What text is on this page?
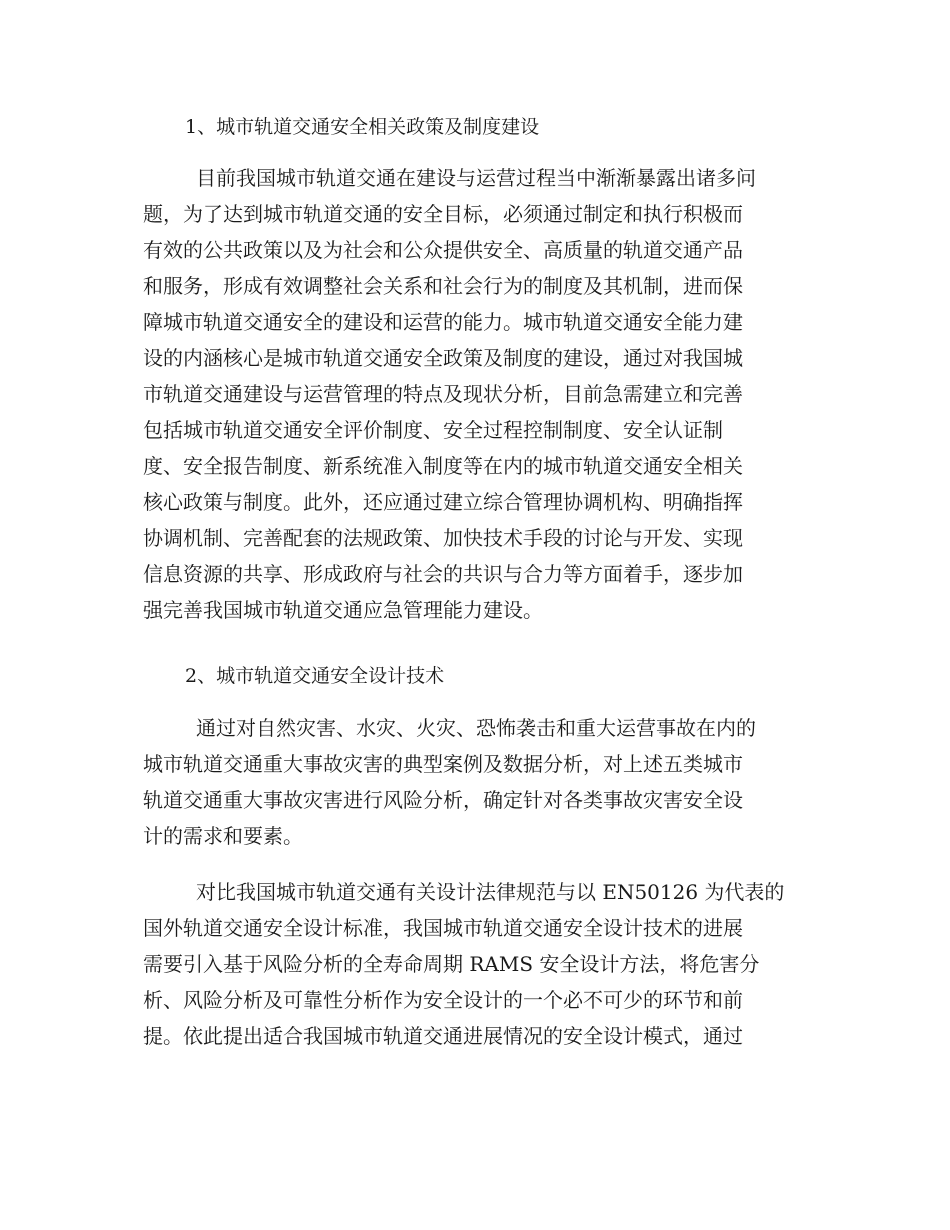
1、城市轨道交通安全相关政策及制度建设
目前我国城市轨道交通在建设与运营过程当中渐渐暴露出诸多问
题，为了达到城市轨道交通的安全目标，必须通过制定和执行积极而
有效的公共政策以及为社会和公众提供安全、高质量的轨道交通产品
和服务，形成有效调整社会关系和社会行为的制度及其机制，进而保
障城市轨道交通安全的建设和运营的能力。城市轨道交通安全能力建
设的内涵核心是城市轨道交通安全政策及制度的建设，通过对我国城
市轨道交通建设与运营管理的特点及现状分析，目前急需建立和完善
包括城市轨道交通安全评价制度、安全过程控制制度、安全认证制
度、安全报告制度、新系统准入制度等在内的城市轨道交通安全相关
核心政策与制度。此外，还应通过建立综合管理协调机构、明确指挥
协调机制、完善配套的法规政策、加快技术手段的讨论与开发、实现
信息资源的共享、形成政府与社会的共识与合力等方面着手，逐步加
强完善我国城市轨道交通应急管理能力建设。
2、城市轨道交通安全设计技术
通过对自然灾害、水灾、火灾、恐怖袭击和重大运营事故在内的
城市轨道交通重大事故灾害的典型案例及数据分析，对上述五类城市
轨道交通重大事故灾害进行风险分析，确定针对各类事故灾害安全设
计的需求和要素。
对比我国城市轨道交通有关设计法律规范与以 EN50126 为代表的
国外轨道交通安全设计标准，我国城市轨道交通安全设计技术的进展
需要引入基于风险分析的全寿命周期 RAMS 安全设计方法，将危害分
析、风险分析及可靠性分析作为安全设计的一个必不可少的环节和前
提。依此提出适合我国城市轨道交通进展情况的安全设计模式，通过
